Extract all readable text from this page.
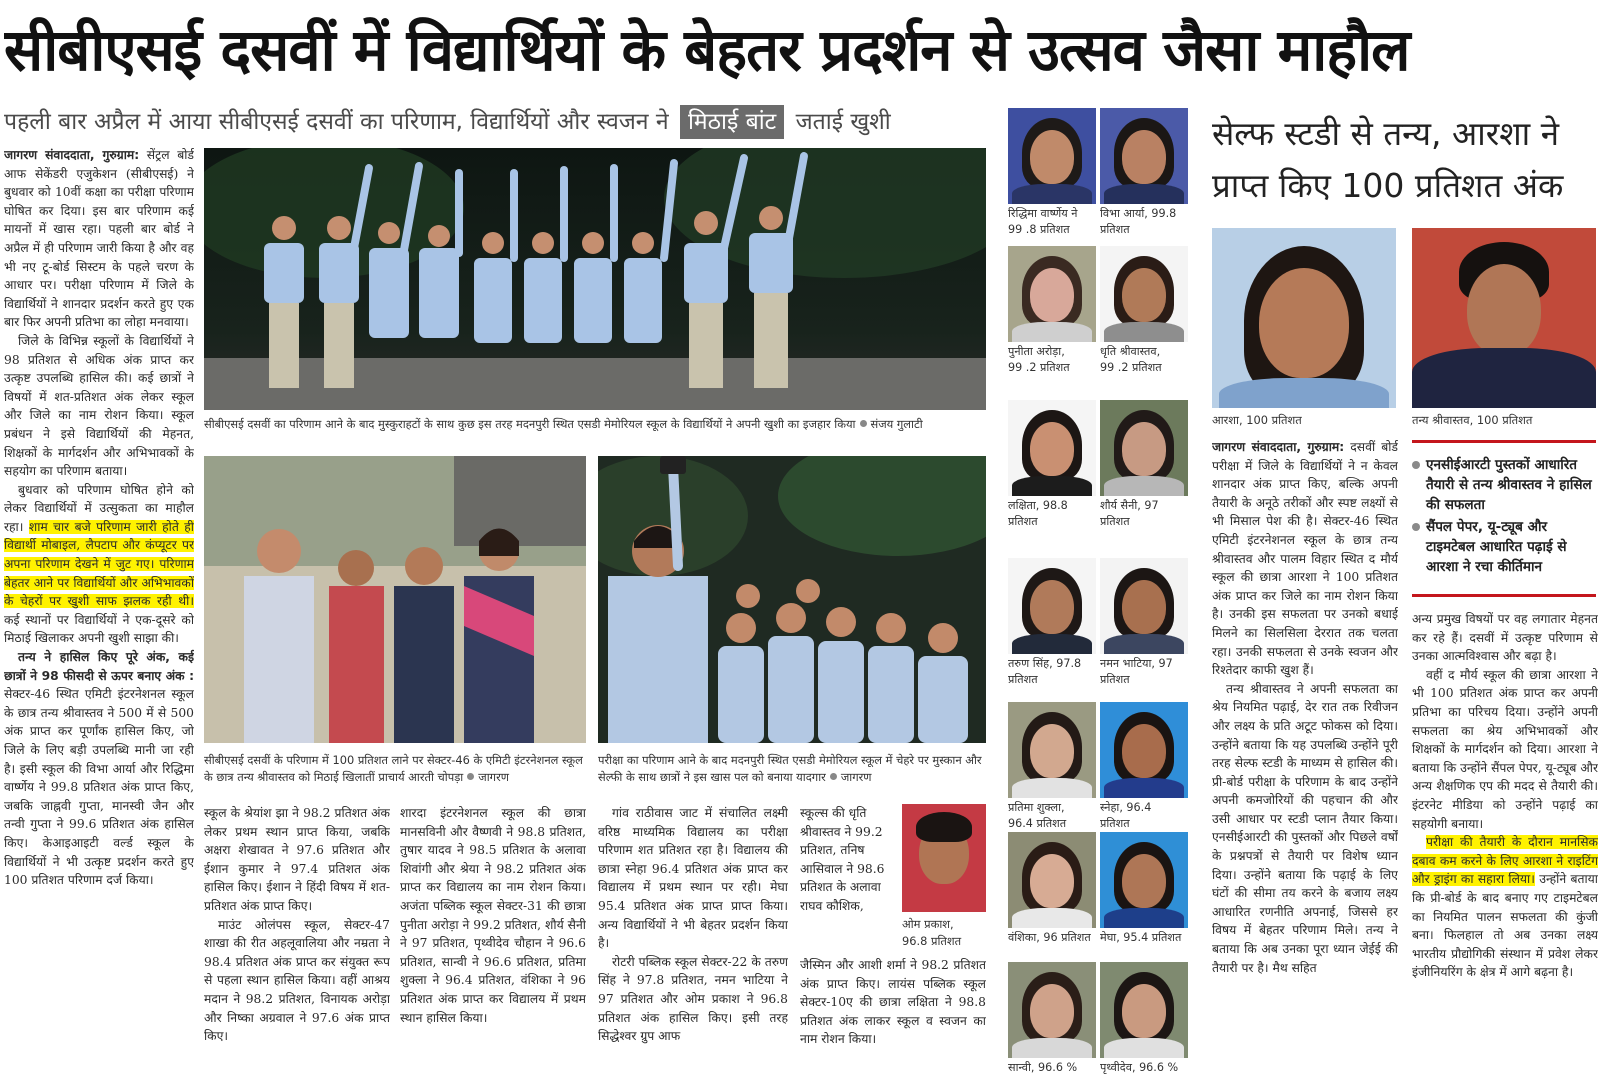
सीबीएसई दसवीं में विद्यार्थियों के बेहतर प्रदर्शन से उत्सव जैसा माहौल
पहली बार अप्रैल में आया सीबीएसई दसवीं का परिणाम, विद्यार्थियों और स्वजन ने मिठाई बांट जताई खुशी

जागरण संवाददाता, गुरुग्राम: सेंट्रल बोर्ड आफ सेकेंडरी एजुकेशन (सीबीएसई) ने बुधवार को 10वीं कक्षा का परीक्षा परिणाम घोषित कर दिया। इस बार परिणाम कई मायनों में खास रहा। पहली बार बोर्ड ने अप्रैल में ही परिणाम जारी किया है और वह भी नए टू-बोर्ड सिस्टम के पहले चरण के आधार पर। परीक्षा परिणाम में जिले के विद्यार्थियों ने शानदार प्रदर्शन करते हुए एक बार फिर अपनी प्रतिभा का लोहा मनवाया।

जिले के विभिन्न स्कूलों के विद्यार्थियों ने 98 प्रतिशत से अधिक अंक प्राप्त कर उत्कृष्ट उपलब्धि हासिल की। कई छात्रों ने विषयों में शत-प्रतिशत अंक लेकर स्कूल और जिले का नाम रोशन किया। स्कूल प्रबंधन ने इसे विद्यार्थियों की मेहनत, शिक्षकों के मार्गदर्शन और अभिभावकों के सहयोग का परिणाम बताया।

बुधवार को परिणाम घोषित होने को लेकर विद्यार्थियों में उत्सुकता का माहौल रहा। शाम चार बजे परिणाम जारी होते ही विद्यार्थी मोबाइल, लैपटाप और कंप्यूटर पर अपना परिणाम देखने में जुट गए। परिणाम बेहतर आने पर विद्यार्थियों और अभिभावकों के चेहरों पर खुशी साफ झलक रही थी। कई स्थानों पर विद्यार्थियों ने एक-दूसरे को मिठाई खिलाकर अपनी खुशी साझा की।

तन्य ने हासिल किए पूरे अंक, कई छात्रों ने 98 फीसदी से ऊपर बनाए अंक : सेक्टर-46 स्थित एमिटी इंटरनेशनल स्कूल के छात्र तन्य श्रीवास्तव ने 500 में से 500 अंक प्राप्त कर पूर्णांक हासिल किए, जो जिले के लिए बड़ी उपलब्धि मानी जा रही है। इसी स्कूल की विभा आर्या और रिद्धिमा वार्ष्णेय ने 99.8 प्रतिशत अंक प्राप्त किए, जबकि जाह्नवी गुप्ता, मानस्वी जैन और तन्वी गुप्ता ने 99.6 प्रतिशत अंक हासिल किए। केआइआइटी वर्ल्ड स्कूल के विद्यार्थियों ने भी उत्कृष्ट प्रदर्शन करते हुए 100 प्रतिशत परिणाम दर्ज किया।

सीबीएसई दसवीं का परिणाम आने के बाद मुस्कुराहटों के साथ कुछ इस तरह मदनपुरी स्थित एसडी मेमोरियल स्कूल के विद्यार्थियों ने अपनी खुशी का इजहार किया संजय गुलाटी
सीबीएसई दसवीं के परिणाम में 100 प्रतिशत लाने पर सेक्टर-46 के एमिटी इंटरनेशनल स्कूल के छात्र तन्य श्रीवास्तव को मिठाई खिलातीं प्राचार्य आरती चोपड़ा जागरण
परीक्षा का परिणाम आने के बाद मदनपुरी स्थित एसडी मेमोरियल स्कूल में चेहरे पर मुस्कान और सेल्फी के साथ छात्रों ने इस खास पल को बनाया यादगार जागरण

स्कूल के श्रेयांश झा ने 98.2 प्रतिशत अंक लेकर प्रथम स्थान प्राप्त किया, जबकि अक्षरा शेखावत ने 97.6 प्रतिशत और ईशान कुमार ने 97.4 प्रतिशत अंक हासिल किए। ईशान ने हिंदी विषय में शत-प्रतिशत अंक प्राप्त किए।

माउंट ओलंपस स्कूल, सेक्टर-47 शाखा की रीत अहलूवालिया और नम्रता ने 98.4 प्रतिशत अंक प्राप्त कर संयुक्त रूप से पहला स्थान हासिल किया। वहीं आश्रय मदान ने 98.2 प्रतिशत, विनायक अरोड़ा और निष्का अग्रवाल ने 97.6 अंक प्राप्त किए।

शारदा इंटरनेशनल स्कूल की छात्रा मानसविनी और वैष्णवी ने 98.8 प्रतिशत, तुषार यादव ने 98.5 प्रतिशत के अलावा शिवांगी और श्रेया ने 98.2 प्रतिशत अंक प्राप्त कर विद्यालय का नाम रोशन किया। अजंता पब्लिक स्कूल सेक्टर-31 की छात्रा पुनीता अरोड़ा ने 99.2 प्रतिशत, शौर्य सैनी ने 97 प्रतिशत, पृथ्वीदेव चौहान ने 96.6 प्रतिशत, सान्वी ने 96.6 प्रतिशत, प्रतिमा शुक्ला ने 96.4 प्रतिशत, वंशिका ने 96 प्रतिशत अंक प्राप्त कर विद्यालय में प्रथम स्थान हासिल किया।

गांव राठीवास जाट में संचालित लक्ष्मी वरिष्ठ माध्यमिक विद्यालय का परीक्षा परिणाम शत प्रतिशत रहा है। विद्यालय की छात्रा स्नेहा 96.4 प्रतिशत अंक प्राप्त कर विद्यालय में प्रथम स्थान पर रही। मेघा 95.4 प्रतिशत अंक प्राप्त प्राप्त किया। अन्य विद्यार्थियों ने भी बेहतर प्रदर्शन किया है।

रोटरी पब्लिक स्कूल सेक्टर-22 के तरुण सिंह ने 97.8 प्रतिशत, नमन भाटिया ने 97 प्रतिशत और ओम प्रकाश ने 96.8 प्रतिशत अंक हासिल किए। इसी तरह सिद्धेश्वर ग्रुप आफ

स्कूल्स की धृति श्रीवास्तव ने 99.2 प्रतिशत, तनिष आसिवाल ने 98.6 प्रतिशत के अलावा राघव कौशिक,

ओम प्रकाश,
96.8 प्रतिशत

जैस्मिन और आशी शर्मा ने 98.2 प्रतिशत अंक प्राप्त किए। लायंस पब्लिक स्कूल सेक्टर-10ए की छात्रा लक्षिता ने 98.8 प्रतिशत अंक लाकर स्कूल व स्वजन का नाम रोशन किया।

रिद्धिमा वार्ष्णेय ने
99 .8 प्रतिशत
विभा आर्या, 99.8
प्रतिशत
पुनीता अरोड़ा,
99 .2 प्रतिशत
धृति श्रीवास्तव,
99 .2 प्रतिशत
लक्षिता, 98.8
प्रतिशत
शौर्य सैनी, 97
प्रतिशत
तरुण सिंह, 97.8
प्रतिशत
नमन भाटिया, 97
प्रतिशत
प्रतिमा शुक्ला,
96.4 प्रतिशत
स्नेहा, 96.4
प्रतिशत
वंशिका, 96 प्रतिशत मेघा, 95.4 प्रतिशत
सान्वी, 96.6 %	पृथ्वीदेव, 96.6 %
सेल्फ स्टडी से तन्य, आरशा ने प्राप्त किए 100 प्रतिशत अंक
आरशा, 100 प्रतिशत	तन्य श्रीवास्तव, 100 प्रतिशत

जागरण संवाददाता, गुरुग्राम: दसवीं बोर्ड परीक्षा में जिले के विद्यार्थियों ने न केवल शानदार अंक प्राप्त किए, बल्कि अपनी तैयारी के अनूठे तरीकों और स्पष्ट लक्ष्यों से भी मिसाल पेश की है। सेक्टर-46 स्थित एमिटी इंटरनेशनल स्कूल के छात्र तन्य श्रीवास्तव और पालम विहार स्थित द मौर्य स्कूल की छात्रा आरशा ने 100 प्रतिशत अंक प्राप्त कर जिले का नाम रोशन किया है। उनकी इस सफलता पर उनको बधाई मिलने का सिलसिला देररात तक चलता रहा। उनकी सफलता से उनके स्वजन और रिश्तेदार काफी खुश हैं।

तन्य श्रीवास्तव ने अपनी सफलता का श्रेय नियमित पढ़ाई, देर रात तक रिवीजन और लक्ष्य के प्रति अटूट फोकस को दिया। उन्होंने बताया कि यह उपलब्धि उन्होंने पूरी तरह सेल्फ स्टडी के माध्यम से हासिल की। प्री-बोर्ड परीक्षा के परिणाम के बाद उन्होंने अपनी कमजोरियों की पहचान की और उसी आधार पर स्टडी प्लान तैयार किया। एनसीईआरटी की पुस्तकों और पिछले वर्षों के प्रश्नपत्रों से तैयारी पर विशेष ध्यान दिया। उन्होंने बताया कि पढ़ाई के लिए घंटों की सीमा तय करने के बजाय लक्ष्य आधारित रणनीति अपनाई, जिससे हर विषय में बेहतर परिणाम मिले। तन्य ने बताया कि अब उनका पूरा ध्यान जेईई की तैयारी पर है। मैथ सहित

एनसीईआरटी पुस्तकों आधारित तैयारी से तन्य श्रीवास्तव ने हासिल की सफलता
सैंपल पेपर, यू-ट्यूब और टाइमटेबल आधारित पढ़ाई से आरशा ने रचा कीर्तिमान

अन्य प्रमुख विषयों पर वह लगातार मेहनत कर रहे हैं। दसवीं में उत्कृष्ट परिणाम से उनका आत्मविश्वास और बढ़ा है।

वहीं द मौर्य स्कूल की छात्रा आरशा ने भी 100 प्रतिशत अंक प्राप्त कर अपनी प्रतिभा का परिचय दिया। उन्होंने अपनी सफलता का श्रेय अभिभावकों और शिक्षकों के मार्गदर्शन को दिया। आरशा ने बताया कि उन्होंने सैंपल पेपर, यू-ट्यूब और अन्य शैक्षणिक एप की मदद से तैयारी की। इंटरनेट मीडिया को उन्होंने पढ़ाई का सहयोगी बनाया।

परीक्षा की तैयारी के दौरान मानसिक दबाव कम करने के लिए आरशा ने राइटिंग और ड्राइंग का सहारा लिया। उन्होंने बताया कि प्री-बोर्ड के बाद बनाए गए टाइमटेबल का नियमित पालन सफलता की कुंजी बना। फिलहाल तो अब उनका लक्ष्य भारतीय प्रौद्योगिकी संस्थान में प्रवेश लेकर इंजीनियरिंग के क्षेत्र में आगे बढ़ना है।
